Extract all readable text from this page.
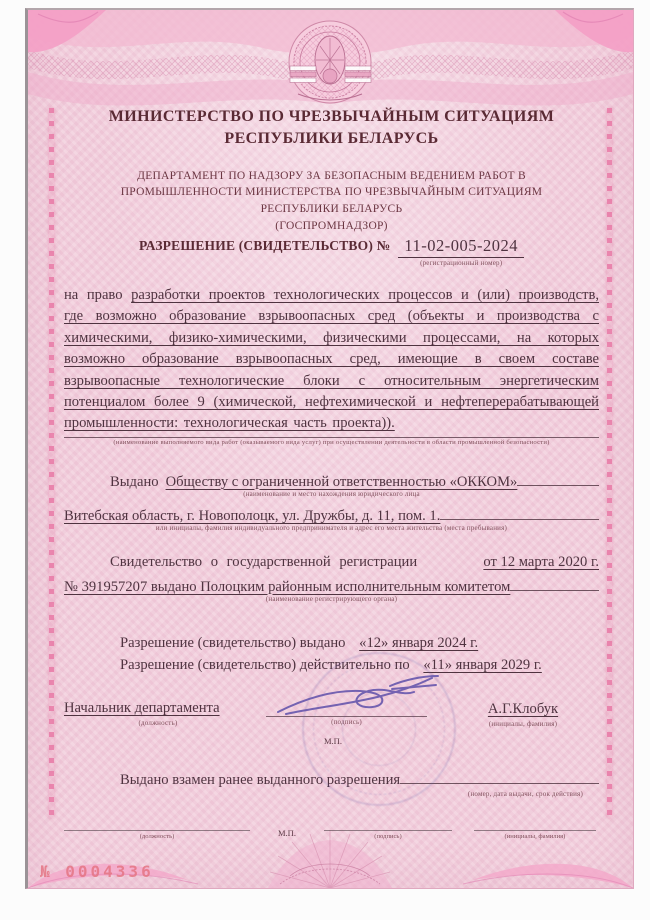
МИНИСТЕРСТВО ПО ЧРЕЗВЫЧАЙНЫМ СИТУАЦИЯМ
РЕСПУБЛИКИ БЕЛАРУСЬ
ДЕПАРТАМЕНТ ПО НАДЗОРУ ЗА БЕЗОПАСНЫМ ВЕДЕНИЕМ РАБОТ В ПРОМЫШЛЕННОСТИ МИНИСТЕРСТВА ПО ЧРЕЗВЫЧАЙНЫМ СИТУАЦИЯМ РЕСПУБЛИКИ БЕЛАРУСЬ
(ГОСПРОМНАДЗОР)
РАЗРЕШЕНИЕ (СВИДЕТЕЛЬСТВО) № 11-02-005-2024
(регистрационный номер)

на право разработки проектов технологических процессов и (или) производств, где возможно образование взрывоопасных сред (объекты и производства с химическими, физико-химическими, физическими процессами, на которых возможно образование взрывоопасных сред, имеющие в своем составе взрывоопасные технологические блоки с относительным энергетическим потенциалом более 9 (химической, нефтехимической и нефтеперерабатывающей промышленности: технологическая часть проекта)).

(наименование выполняемого вида работ (оказываемого вида услуг) при осуществлении деятельности в области промышленной безопасности)
Выдано Обществу с ограниченной ответственностью «ОККОМ»
(наименование и место нахождения юридического лица
Витебская область, г. Новополоцк, ул. Дружбы, д. 11, пом. 1.
или инициалы, фамилия индивидуального предпринимателя и адрес его места жительства (места пребывания)
Свидетельство о государственной регистрации	от 12 марта 2020 г.
№ 391957207 выдано Полоцким районным исполнительным комитетом
(наименование регистрирующего органа)
Разрешение (свидетельство) выдано «12» января 2024 г.
Разрешение (свидетельство) действительно по «11» января 2029 г.
Начальник департамента
(должность)	(подпись)
М.П.
А.Г.Клобук
(инициалы, фамилия)
Выдано взамен ранее выданного разрешения
(номер, дата выдачи, срок действия)
(должность)	М.П.	(подпись)	(инициалы, фамилия)
№ 0004336
